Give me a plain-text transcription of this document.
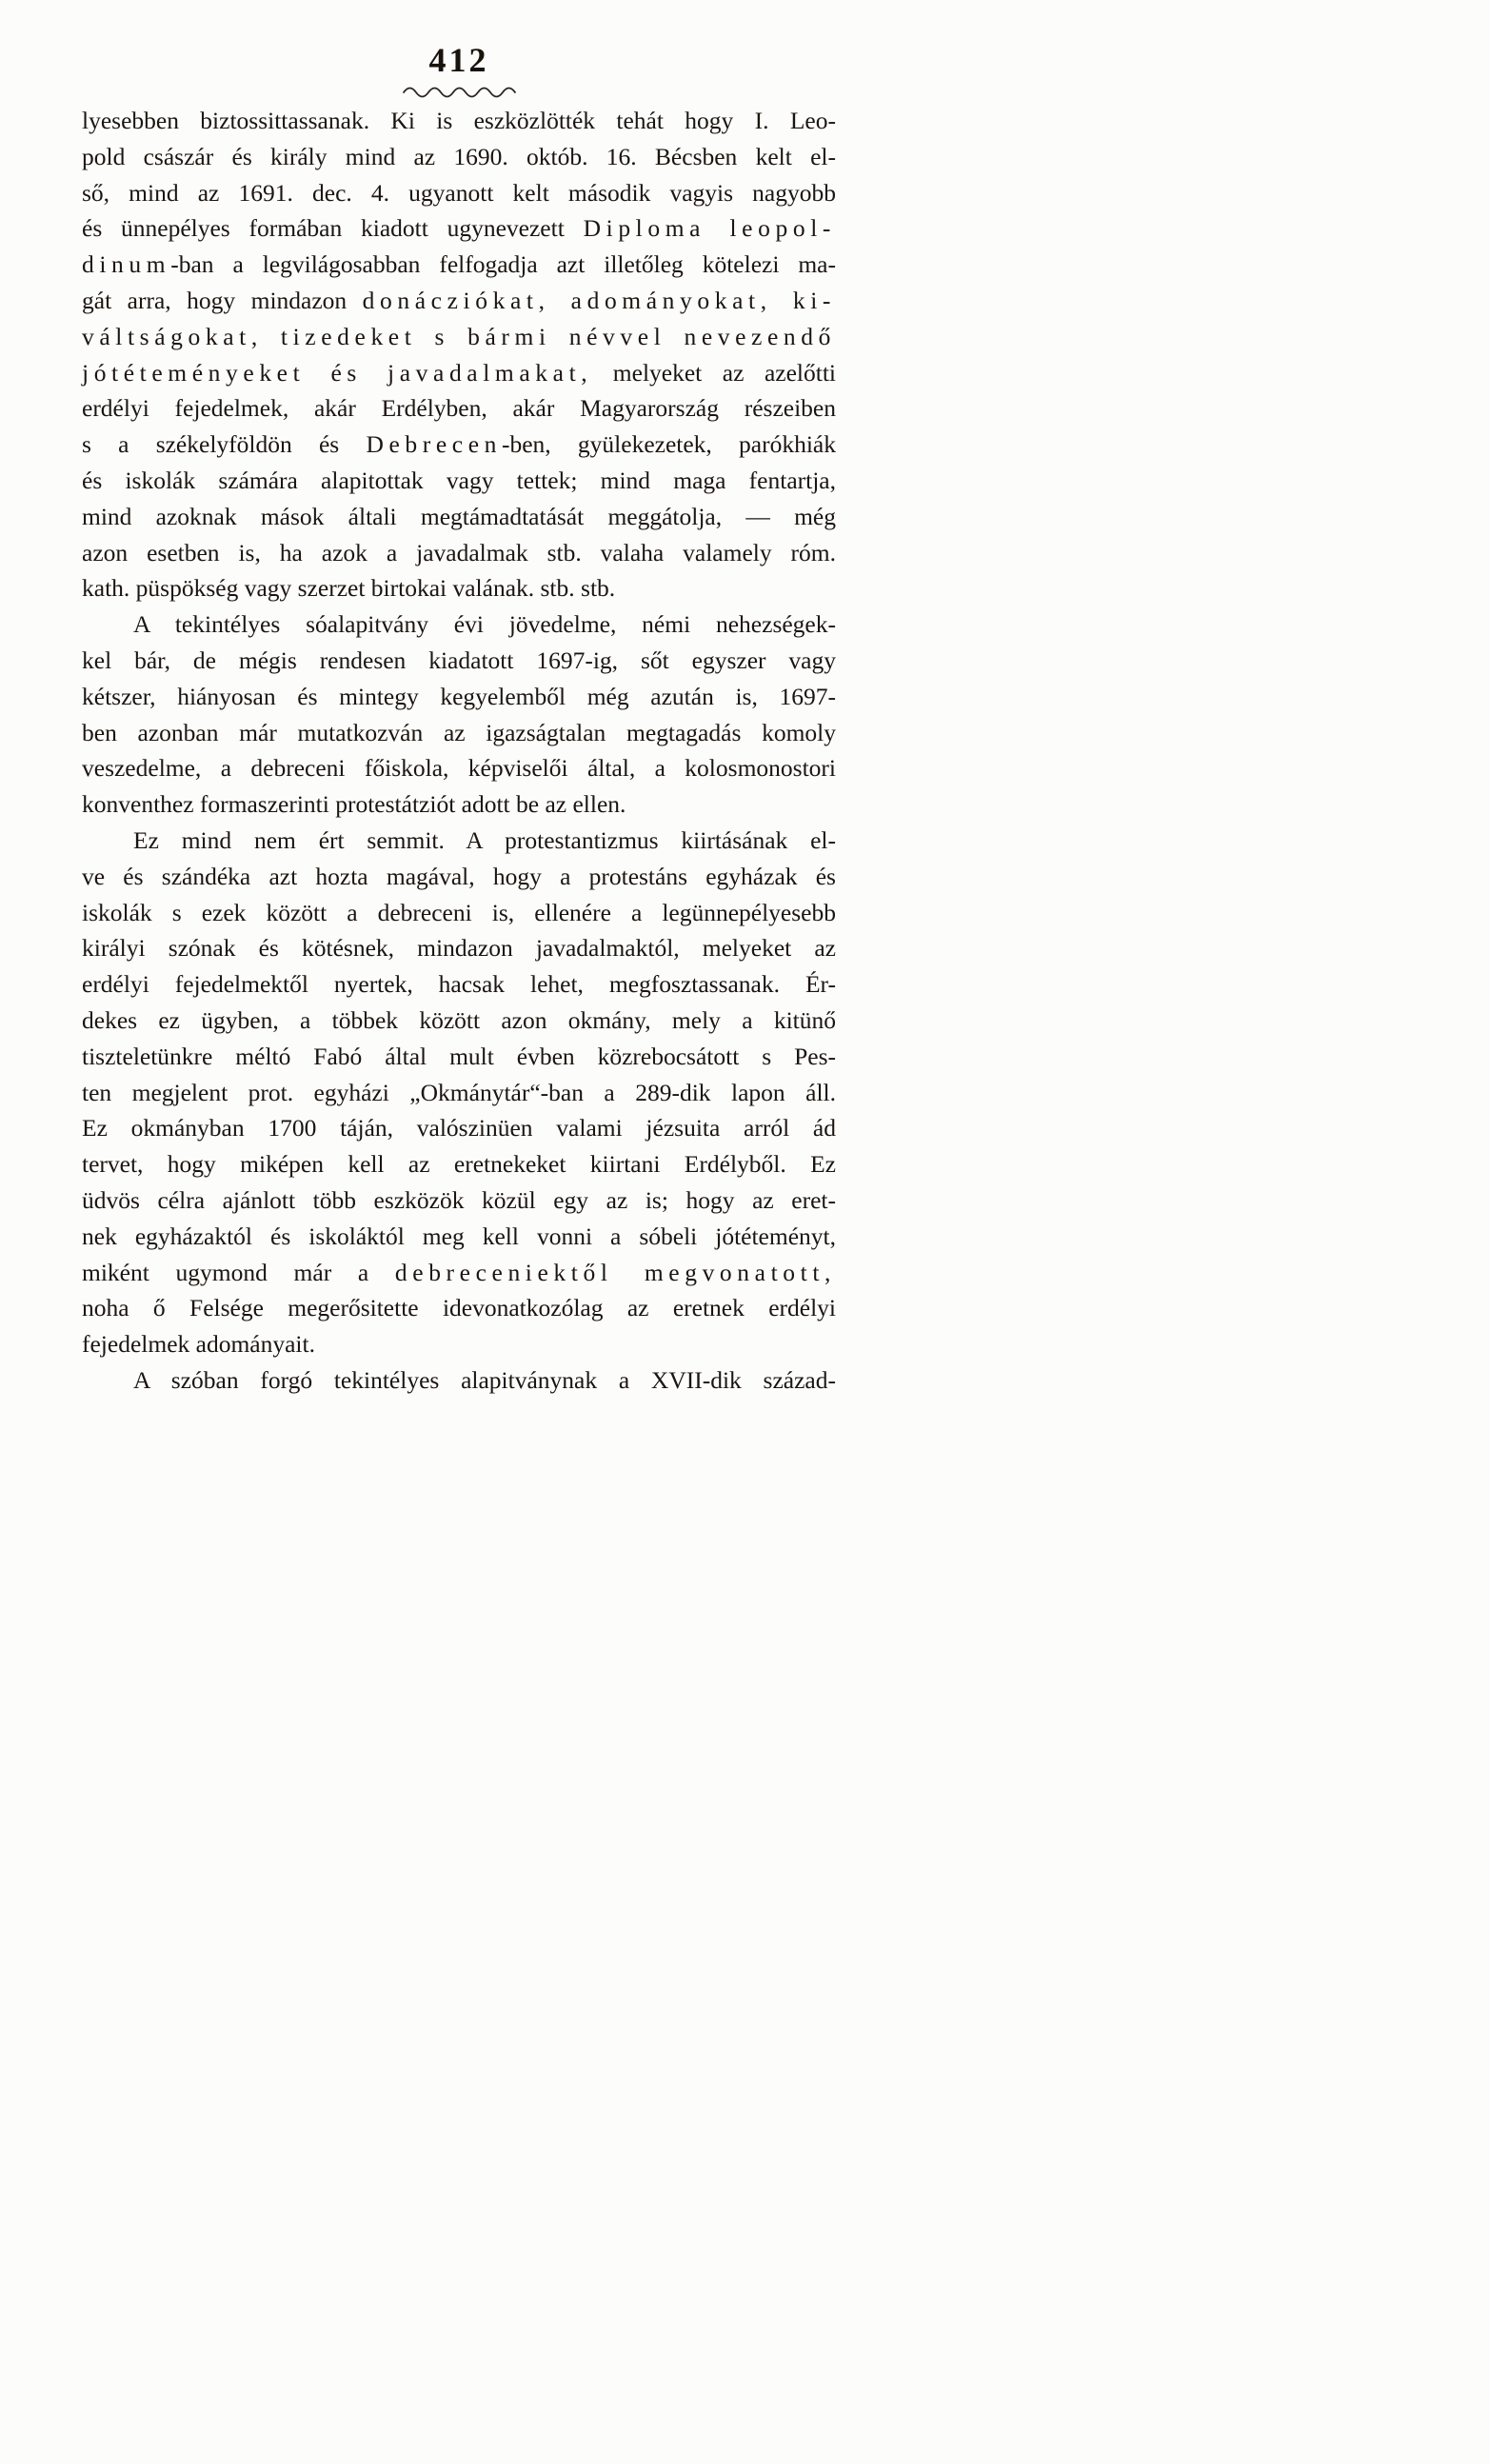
412
lyesebben biztossittassanak. Ki is eszközlötték tehát hogy I. Leo-
pold császár és király mind az 1690. októb. 16. Bécsben kelt el-
ső, mind az 1691. dec. 4. ugyanott kelt második vagyis nagyobb
és ünnepélyes formában kiadott ugynevezett Diploma leopol-
dinum-ban a legvilágosabban felfogadja azt illetőleg kötelezi ma-
gát arra, hogy mindazon donácziókat, adományokat, ki-
váltságokat, tizedeket s bármi névvel nevezendő
jótéteményeket és javadalmakat, melyeket az azelőtti
erdélyi fejedelmek, akár Erdélyben, akár Magyarország részeiben
s a székelyföldön és Debrecen-ben, gyülekezetek, parókhiák
és iskolák számára alapitottak vagy tettek; mind maga fentartja,
mind azoknak mások általi megtámadtatását meggátolja, — még
azon esetben is, ha azok a javadalmak stb. valaha valamely róm.
kath. püspökség vagy szerzet birtokai valának. stb. stb.
A tekintélyes sóalapitvány évi jövedelme, némi nehezségek-
kel bár, de mégis rendesen kiadatott 1697-ig, sőt egyszer vagy
kétszer, hiányosan és mintegy kegyelemből még azután is, 1697-
ben azonban már mutatkozván az igazságtalan megtagadás komoly
veszedelme, a debreceni főiskola, képviselői által, a kolosmonostori
konventhez formaszerinti protestátziót adott be az ellen.
Ez mind nem ért semmit. A protestantizmus kiirtásának el-
ve és szándéka azt hozta magával, hogy a protestáns egyházak és
iskolák s ezek között a debreceni is, ellenére a legünnepélyesebb
királyi szónak és kötésnek, mindazon javadalmaktól, melyeket az
erdélyi fejedelmektől nyertek, hacsak lehet, megfosztassanak. Ér-
dekes ez ügyben, a többek között azon okmány, mely a kitünő
tiszteletünkre méltó Fabó által mult évben közrebocsátott s Pes-
ten megjelent prot. egyházi „Okmánytár“-ban a 289-dik lapon áll.
Ez okmányban 1700 táján, valószinüen valami jézsuita arról ád
tervet, hogy miképen kell az eretnekeket kiirtani Erdélyből. Ez
üdvös célra ajánlott több eszközök közül egy az is; hogy az eret-
nek egyházaktól és iskoláktól meg kell vonni a sóbeli jótéteményt,
miként ugymond már a debreceniektől megvonatott,
noha ő Felsége megerősitette idevonatkozólag az eretnek erdélyi
fejedelmek adományait.
A szóban forgó tekintélyes alapitványnak a XVII-dik század-
